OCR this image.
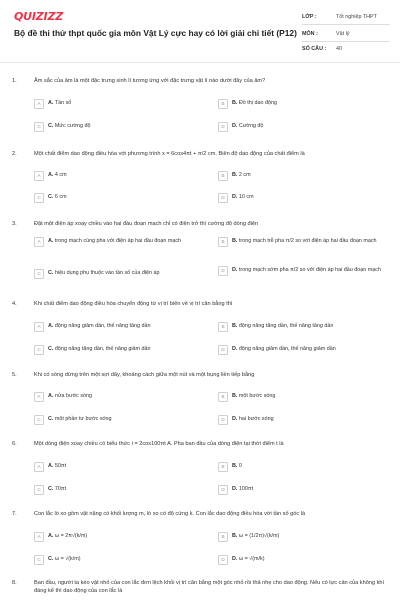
QUIZIZZ
Bộ đề thi thử thpt quốc gia môn Vật Lý cực hay có lời giải chi tiết (P12)
LỚP :	Tốt nghiệp THPT
MÔN :	Vật lý
SỐ CÂU : 40
1.	Âm sắc của âm là một đặc trưng sinh lí tương ứng với đặc trưng vật lí nào dưới đây của âm?
A	A. Tần số	B	B. Đồ thị dao động
C	C. Mức cường độ	D	D. Cường độ
2.	Một chất điểm dao động điều hòa với phương trình x = 6cos4πt + π/2 cm. Biên độ dao động của chất điểm là
A	A. 4 cm	B	B. 2 cm
C	C. 6 cm	D	D. 10 cm
3.	Đặt một điện áp xoay chiều vào hai đầu đoạn mạch chỉ có điện trở thì cường độ dòng điện
A	A. trong mạch cùng pha với điện áp hai đầu đoạn mạch	B	B. trong mạch trễ pha π/2 so với điện áp hai đầu đoạn mạch
C	C. hiệu dụng phụ thuộc vào tần số của điện áp	D	D. trong mạch sớm pha π/2 so với điện áp hai đầu đoạn mạch
4.	Khi chất điểm dao động điều hòa chuyển động từ vị trí biên về vị trí cân bằng thì
A	A. động năng giảm dần, thế năng tăng dần	B	B. động năng tăng dần, thế năng tăng dần
C	C. động năng tăng dần, thế năng giảm dần	D	D. động năng giảm dần, thế năng giảm dần
5.	Khi có sóng dừng trên một sợi dây, khoảng cách giữa một nút và một bụng liền tiếp bằng
A	A. nửa bước sóng	B	B. một bước sóng
C	C. một phần tư bước sóng	D	D. hai bước sóng
6.	Một dòng điện xoay chiều có biểu thức i = 2cos100πt A. Pha ban đầu của dòng điện tại thời điểm t là
A	A. 50πt	B	B. 0
C	C. 70πt	D	D. 100πt
7.	Con lắc lò xo gồm vật nặng có khối lượng m, lò xo có độ cứng k. Con lắc dao động điều hòa với tần số góc là
A	A. ω = 2π√(k/m)	B	B. ω = (1/2π)√(k/m)
C	C. ω = √(k/m)	D	D. ω = √(m/k)
8.	Ban đầu, người ta kéo vật nhỏ của con lắc đơn lệch khỏi vị trí cân bằng một góc nhỏ rồi thả nhẹ cho dao động. Nếu có lực cản của không khí đáng kể thì dao động của con lắc là
